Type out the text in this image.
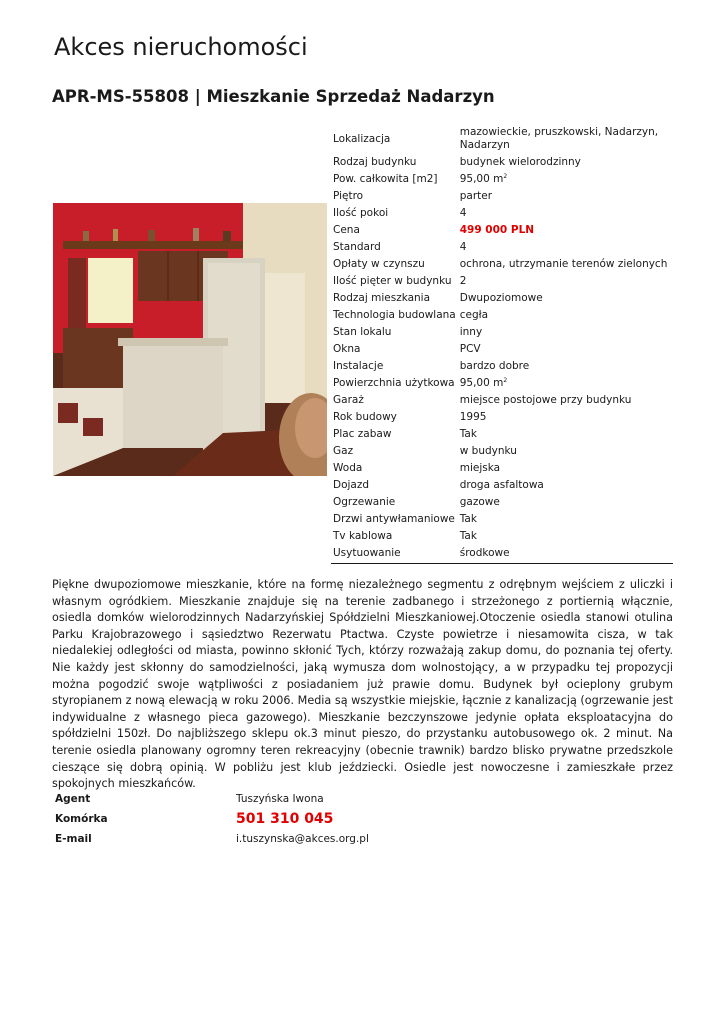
Akces nieruchomości
APR-MS-55808 | Mieszkanie Sprzedaż Nadarzyn
Lokalizacja	mazowieckie, pruszkowski, Nadarzyn, Nadarzyn
Rodzaj budynku	budynek wielorodzinny
Pow. całkowita [m2]	95,00 $m^2$
Piętro	parter
Ilość pokoi	4
Cena	499 000 PLN
Standard	4
Opłaty w czynszu	ochrona, utrzymanie terenów zielonych
Ilość pięter w budynku	2
Rodzaj mieszkania	Dwupoziomowe
Technologia budowlana	cegła
Stan lokalu	inny
Okna	PCV
Instalacje	bardzo dobre
Powierzchnia użytkowa	95,00 $m^2$
Garaż	miejsce postojowe przy budynku
Rok budowy	1995
Plac zabaw	Tak
Gaz	w budynku
Woda	miejska
Dojazd	droga asfaltowa
Ogrzewanie	gazowe
Drzwi antywłamaniowe	Tak
Tv kablowa	Tak
Usytuowanie	środkowe

Piękne dwupoziomowe mieszkanie, które na formę niezależnego segmentu z odrębnym wejściem z uliczki i własnym ogródkiem. Mieszkanie znajduje się na terenie zadbanego i strzeżonego z portiernią włącznie, osiedla domków wielorodzinnych Nadarzyńskiej Spółdzielni Mieszkaniowej.Otoczenie osiedla stanowi otulina Parku Krajobrazowego i sąsiedztwo Rezerwatu Ptactwa. Czyste powietrze i niesamowita cisza, w tak niedalekiej odległości od miasta, powinno skłonić Tych, którzy rozważają zakup domu, do poznania tej oferty. Nie każdy jest skłonny do samodzielności, jaką wymusza dom wolnostojący, a w przypadku tej propozycji można pogodzić swoje wątpliwości z posiadaniem już prawie domu. Budynek był ocieplony grubym styropianem z nową elewacją w roku 2006. Media są wszystkie miejskie, łącznie z kanalizacją (ogrzewanie jest indywidualne z własnego pieca gazowego). Mieszkanie bezczynszowe jedynie opłata eksploatacyjna do spółdzielni 150zł. Do najbliższego sklepu ok.3 minut pieszo, do przystanku autobusowego ok. 2 minut. Na terenie osiedla planowany ogromny teren rekreacyjny (obecnie trawnik) bardzo blisko prywatne przedszkole cieszące się dobrą opinią. W pobliżu jest klub jeździecki. Osiedle jest nowoczesne i zamieszkałe przez spokojnych mieszkańców.

Agent	Tuszyńska Iwona
Komórka	501 310 045
E-mail	i.tuszynska@akces.org.pl
